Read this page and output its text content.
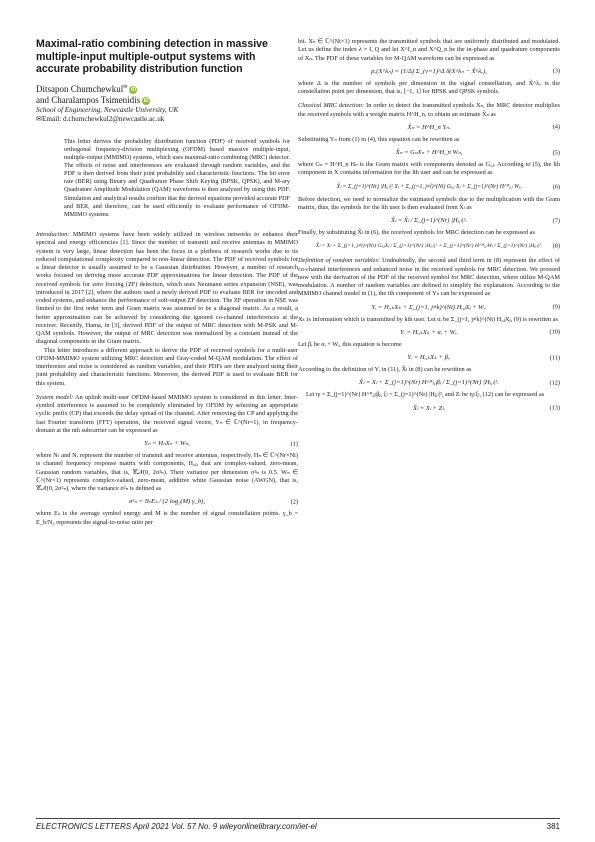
Maximal-ratio combining detection in massive multiple-input multiple-output systems with accurate probability distribution function
Ditsapon Chumchewkul✉ iD
and Charalampos Tsimenidis iD
School of Engineering, Newcastle University, UK
✉Email: d.chumchewkul2@newcastle.ac.uk

This letter derives the probability distribution function (PDF) of received symbols for orthogonal frequency-division multiplexing (OFDM) based massive multiple-input, multiple-output (MMIMO) systems, which uses maximal-ratio combining (MRC) detector. The effects of noise and interferences are evaluated through random variables, and the PDF is then derived from their joint probability and characteristic functions. The bit error rate (BER) using Binary and Quadrature Phase Shift Keying (BPSK, QPSK), and M-ary Quadrature Amplitude Modulation (QAM) waveforms is then analyzed by using this PDF. Simulation and analytical results confirm that the derived equations provided accurate PDF and BER, and therefore, can be used efficiently to evaluate performance of OFDM-MMIMO systems.

Introduction: MMIMO systems have been widely utilized in wireless networks to enhance their spectral and energy efficiencies [1]. Since the number of transmit and receive antennas in MMIMO system is very large, linear detection has been the focus in a plethora of research works due to its reduced computational complexity compared to non-linear detection. The PDF of received symbols for a linear detector is usually assumed to be a Gaussian distribution. However, a number of research works focused on deriving more accurate PDF approximations for linear detection. The PDF of the received symbols for zero forcing (ZF) detection, which uses Neumann series expansion (NSE), was introduced in 2017 [2], where the authors used a newly derived PDF to evaluate BER for uncoded and coded systems, and enhance the performance of soft-output ZF detection. The ZF operation in NSE was limited to the first order term and Gram matrix was assumed to be a diagonal matrix. As a result, a better approximation can be achieved by considering the ignored co-channel interferences at the receiver. Recently, Hama, in [3], derived PDF of the output of MRC detection with M-PSK and M-QAM symbols. However, the output of MRC detection was normalized by a constant instead of the diagonal components in the Gram matrix.

This letter introduces a different approach to derive the PDF of received symbols for a multi-user OFDM-MMIMO system utilizing MRC detection and Gray-coded M-QAM modulation. The effect of interference and noise is considered as random variables, and their PDFs are then analyzed using their joint probability and characteristic functions. Moreover, the derived PDF is used to evaluate BER for this system.

System model: An uplink multi-user OFDM-based MMIMO system is considered in this letter. Inter-symbol interference is assumed to be completely eliminated by OFDM by selecting an appropriate cyclic prefix (CP) that exceeds the delay spread of the channel. After removing the CP and applying the fast Fourier transform (FFT) operation, the received signal vector, Yₙ ∈ ℂ^(Nr×1), in frequency-domain at the nth subcarrier can be expressed as

Yₙ = HₙXₙ + Wₙ,	(1)

where Nₜ and Nᵣ represent the number of transmit and receive antennas, respectively. Hₙ ∈ ℂ^(Nr×Nt) is channel frequency response matrix with components, Hᵢ,ⱼ, that are complex-valued, zero-mean, Gaussian random variables, that is, 𝒞𝒩(0, 2σ²ₕ). Their variance per dimension σ²ₕ is 0.5. Wₙ ∈ ℂ^(Nr×1) represents complex-valued, zero-mean, additive white Gaussian noise (AWGN), that is, 𝒞𝒩(0, 2σ²ₙ), where the variance σ²ₙ is defined as

σ²ₙ = NₜEₛ / (2 log₂(M) γ_b),	(2)

where Eₛ is the average symbol energy and M is the number of signal constellation points. γ_b = E_b/N₀ represents the signal-to-noise ratio per

bit. Xₙ ∈ ℂ^(Nt×1) represents the transmitted symbols that are uniformly distributed and modulated. Let us define the index λ = I, Q and let X^I_n and X^Q_n be the in-phase and quadrature components of Xₙ. The PDF of these variables for M-QAM waveform can be expressed as

pₓ(X^λₙ) = (1/Δ) Σ_(v=1)^Δ δ(X^λₙ − X̃^λᵥ),	(3)

where Δ is the number of symbols per dimension in the signal constellation, and X̃^λᵥ is the constellation point per dimension, that is, [−1, 1] for BPSK and QPSK symbols.

Classical MRC detection: In order to detect the transmitted symbols Xₙ, the MRC detector multiplies the received symbols with a weight matrix H^H_n, to obtain an estimate X̂ₙ as

X̂ₙ = H^H_n Yₙ.	(4)

Substituting Yₙ from (1) in (4), this equation can be rewritten as

X̂ₙ = GₙXₙ + H^H_n Wₙ,	(5)

where Gₙ = H^H_n Hₙ is the Gram matrix with components denoted as Gᵢ,ⱼ. According to (5), the lth component in X contains information for the lth user and can be expressed as

X̂ₗ = Σ_(j=1)^(Nr) |Hⱼ,ₗ|² Xₗ + Σ_(j=1, j≠l)^(Nt) Gₗ,ⱼ Xⱼ + Σ_(j=1)^(Nr) H^*ⱼ,ₗ Wⱼ.	(6)

Before detection, we need to normalize the estimated symbols due to the multiplication with the Gram matrix, thus, the symbols for the lth user is then evaluated from X̂ₗ as

X̌ₗ = X̂ₗ / Σ_(j=1)^(Nr) |Hⱼ,ₗ|².	(7)

Finally, by substituting X̂ₗ in (6), the received symbols for MRC detection can be expressed as

X̌ₗ = Xₗ + Σ_(j=1, j≠l)^(Nt) Gₗ,ⱼXⱼ / Σ_(j=1)^(Nr) |Hⱼ,ₗ|² + Σ_(j=1)^(Nr) H^*ⱼ,ₗWⱼ / Σ_(j=1)^(Nr) |Hⱼ,ₗ|². (8)

Definition of random variables: Undoubtedly, the second and third term in (8) represent the effect of co-channel interferences and enhanced noise in the received symbols for MRC detection. We proceed now with the derivation of the PDF of the received symbol for MRC detection, where utilize M-QAM modulation. A number of random variables are defined to simplify the explanation. According to the MMIMO channel model in (1), the ith component of Yₙ can be expressed as

Yᵢ = Hᵢ,ₖXₖ + Σ_(j=1, j≠k)^(Nt) Hᵢ,ⱼXⱼ + Wᵢ.	(9)

Xₖ is information which is transmitted by kth user. Let αᵢ be Σ_(j=1, j≠k)^(Nt) Hᵢ,ⱼXⱼ, (9) is rewritten as

Yᵢ = Hᵢ,ₖXₖ + αᵢ + Wᵢ.	(10)

Let βᵢ be αᵢ + Wᵢ, this equation is become

Yᵢ = Hᵢ,ₖXₖ + βᵢ.	(11)

According to the definition of Yᵢ in (11), X̌ₗ in (8) can be rewritten as

X̌ₗ = Xₗ + Σ_(j=1)^(Nr) H^*ⱼ,ₗβⱼ / Σ_(j=1)^(Nr) |Hⱼ,ₗ|².	(12)

Let ηₗ = Σ_(j=1)^(Nr) H^*ⱼ,ₗβⱼ, ξₗ = Σ_(j=1)^(Nr) |Hⱼ,ₗ|², and Zₗ be ηₗ/ξₗ, (12) can be expressed as

X̌ₗ = Xₗ + Zₗ.	(13)
ELECTRONICS LETTERS April 2021 Vol. 57 No. 9 wileyonlinelibrary.com/iet-el	381
